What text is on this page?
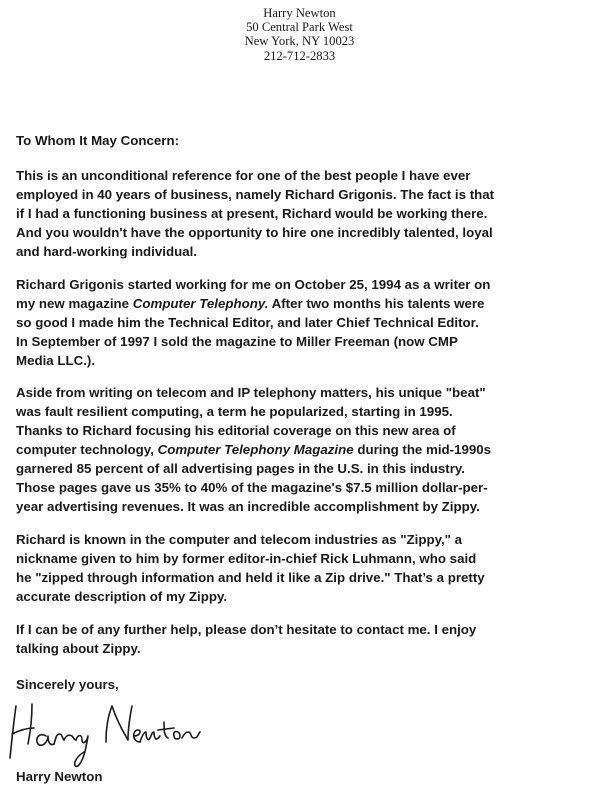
Harry Newton
50 Central Park West
New York, NY 10023
212-712-2833
To Whom It May Concern:
This is an unconditional reference for one of the best people I have ever
employed in 40 years of business, namely Richard Grigonis. The fact is that
if I had a functioning business at present, Richard would be working there.
And you wouldn't have the opportunity to hire one incredibly talented, loyal
and hard-working individual.
Richard Grigonis started working for me on October 25, 1994 as a writer on
my new magazine Computer Telephony. After two months his talents were
so good I made him the Technical Editor, and later Chief Technical Editor.
In September of 1997 I sold the magazine to Miller Freeman (now CMP
Media LLC.).
Aside from writing on telecom and IP telephony matters, his unique "beat"
was fault resilient computing, a term he popularized, starting in 1995.
Thanks to Richard focusing his editorial coverage on this new area of
computer technology, Computer Telephony Magazine during the mid-1990s
garnered 85 percent of all advertising pages in the U.S. in this industry.
Those pages gave us 35% to 40% of the magazine's $7.5 million dollar-per-
year advertising revenues. It was an incredible accomplishment by Zippy.
Richard is known in the computer and telecom industries as "Zippy," a
nickname given to him by former editor-in-chief Rick Luhmann, who said
he "zipped through information and held it like a Zip drive." That’s a pretty
accurate description of my Zippy.
If I can be of any further help, please don’t hesitate to contact me. I enjoy
talking about Zippy.
Sincerely yours,
Harry Newton
